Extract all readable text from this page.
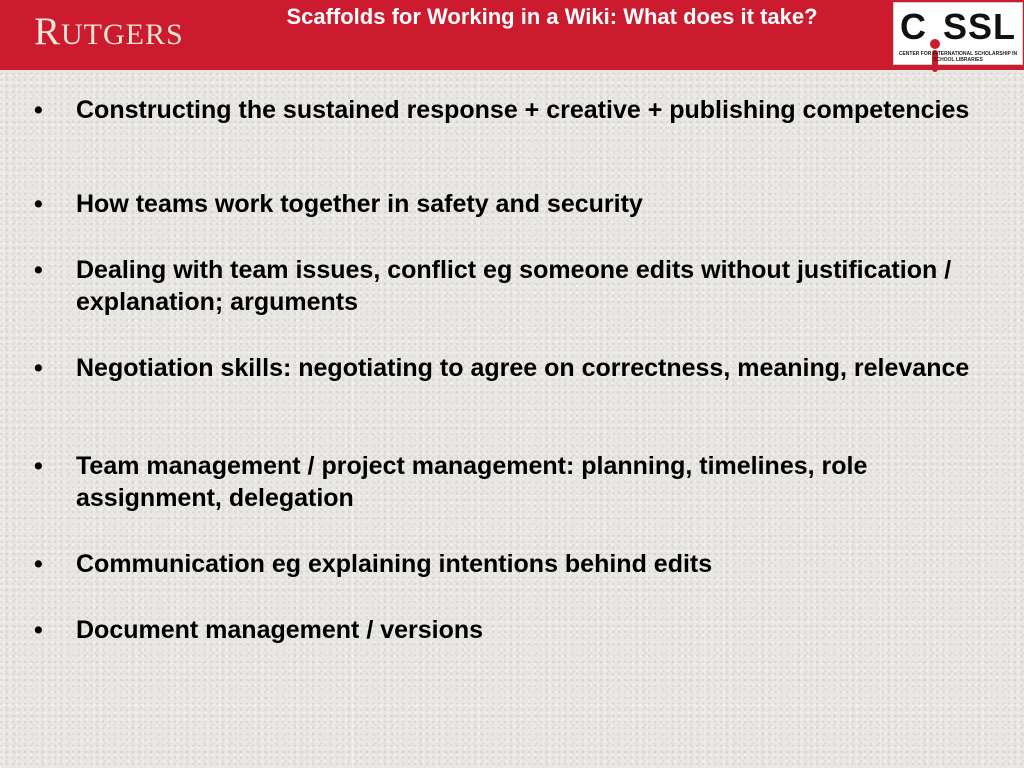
RUTGERS
Scaffolds for Working in a Wiki: What does it take?	C SSL
CENTER FOR INTERNATIONAL SCHOLARSHIP IN SCHOOL LIBRARIES
•	Constructing the sustained response + creative + publishing competencies
•	How teams work together in safety and security
•	Dealing with team issues, conflict eg someone edits without justification / explanation; arguments
•	Negotiation skills: negotiating to agree on correctness, meaning, relevance
•	Team management / project management: planning, timelines, role assignment, delegation
•	Communication eg explaining intentions behind edits
•	Document management / versions
